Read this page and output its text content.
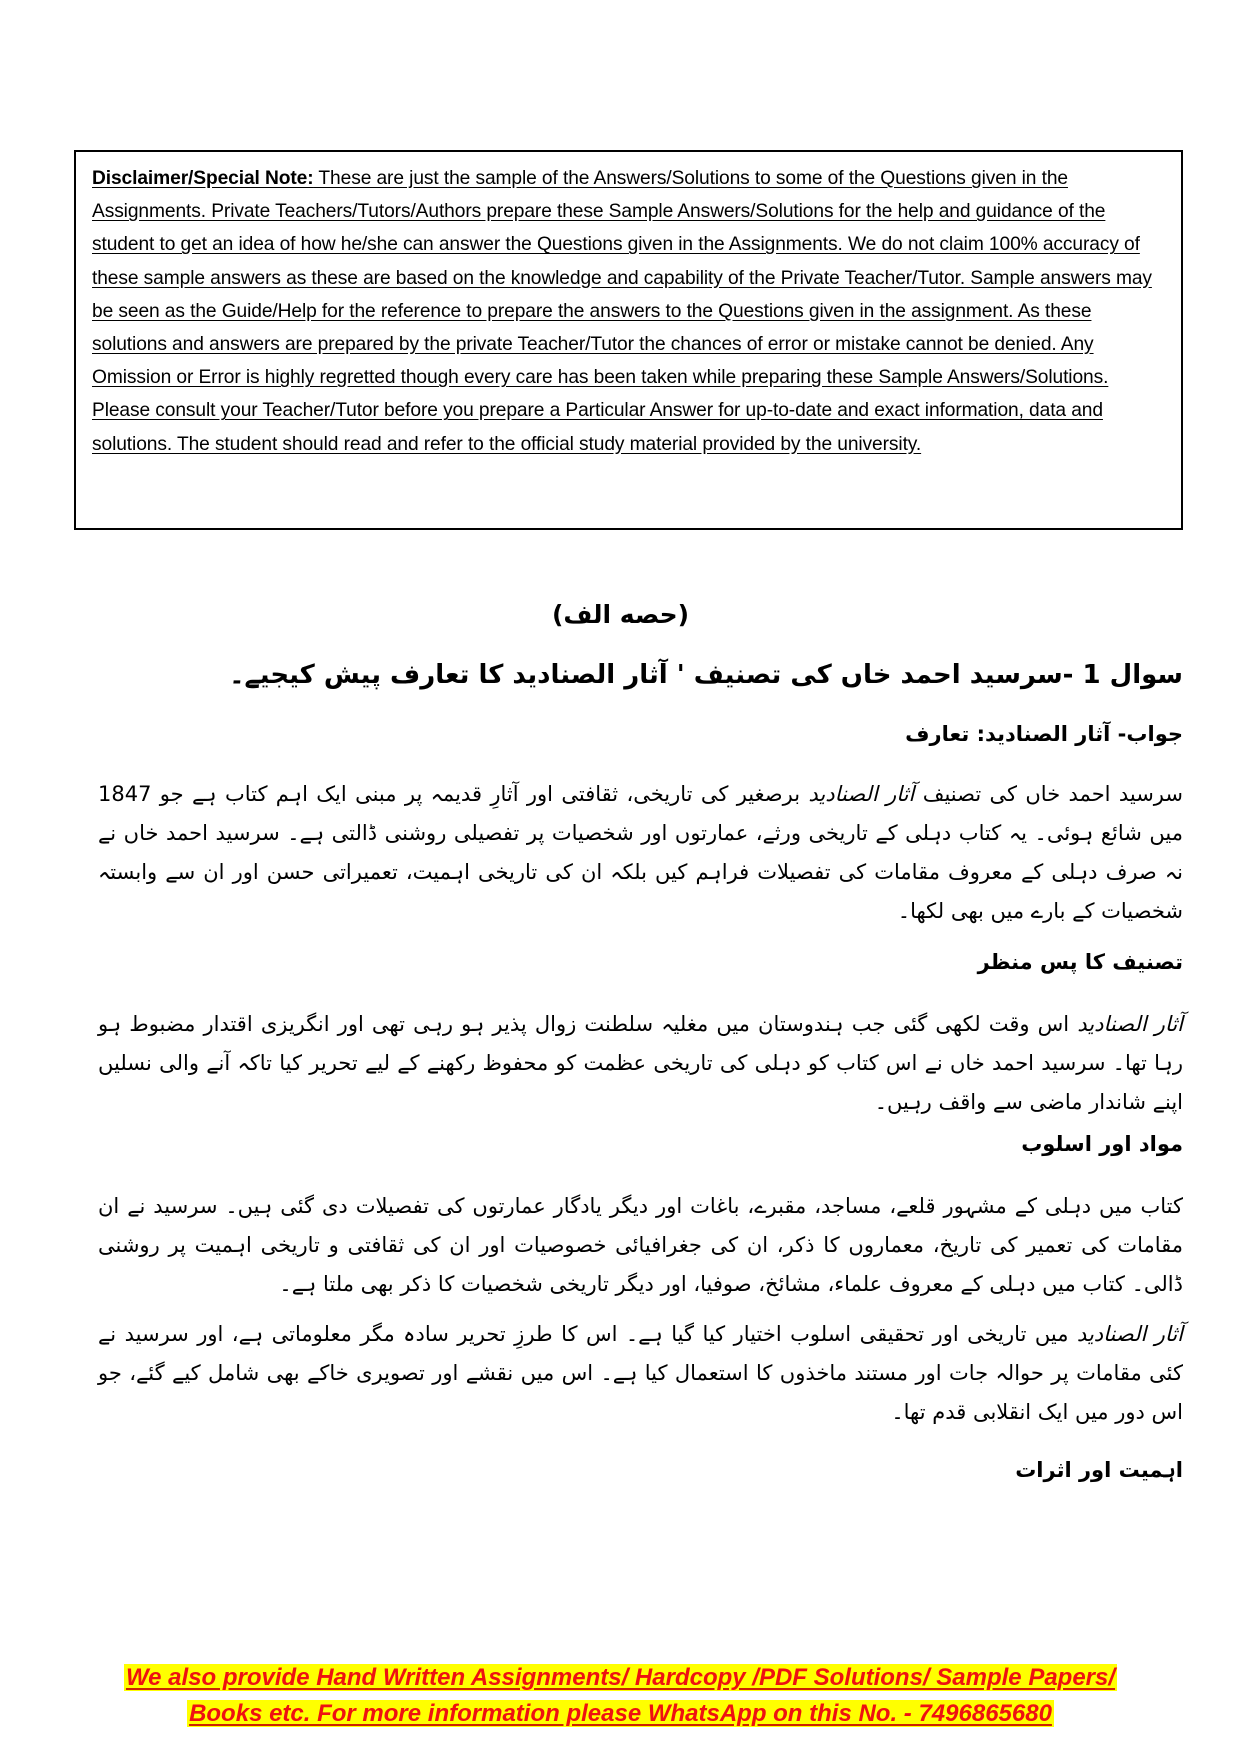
Disclaimer/Special Note: These are just the sample of the Answers/Solutions to some of the Questions given in the Assignments. Private Teachers/Tutors/Authors prepare these Sample Answers/Solutions for the help and guidance of the student to get an idea of how he/she can answer the Questions given in the Assignments. We do not claim 100% accuracy of these sample answers as these are based on the knowledge and capability of the Private Teacher/Tutor. Sample answers may be seen as the Guide/Help for the reference to prepare the answers to the Questions given in the assignment. As these solutions and answers are prepared by the private Teacher/Tutor the chances of error or mistake cannot be denied. Any Omission or Error is highly regretted though every care has been taken while preparing these Sample Answers/Solutions. Please consult your Teacher/Tutor before you prepare a Particular Answer for up-to-date and exact information, data and solutions. The student should read and refer to the official study material provided by the university.

(حصه الف)
سوال 1 -سرسید احمد خاں کی تصنیف ' آثار الصنادید کا تعارف پیش کیجیے۔
جواب- آثار الصنادید: تعارف

سرسید احمد خاں کی تصنیف آثار الصنادید برصغیر کی تاریخی، ثقافتی اور آثارِ قدیمہ پر مبنی ایک اہم کتاب ہے جو 1847 میں شائع ہوئی۔ یہ کتاب دہلی کے تاریخی ورثے، عمارتوں اور شخصیات پر تفصیلی روشنی ڈالتی ہے۔ سرسید احمد خاں نے نہ صرف دہلی کے معروف مقامات کی تفصیلات فراہم کیں بلکہ ان کی تاریخی اہمیت، تعمیراتی حسن اور ان سے وابستہ شخصیات کے بارے میں بھی لکھا۔

تصنیف کا پس منظر

آثار الصنادید اس وقت لکھی گئی جب ہندوستان میں مغلیہ سلطنت زوال پذیر ہو رہی تھی اور انگریزی اقتدار مضبوط ہو رہا تھا۔ سرسید احمد خاں نے اس کتاب کو دہلی کی تاریخی عظمت کو محفوظ رکھنے کے لیے تحریر کیا تاکہ آنے والی نسلیں اپنے شاندار ماضی سے واقف رہیں۔

مواد اور اسلوب

کتاب میں دہلی کے مشہور قلعے، مساجد، مقبرے، باغات اور دیگر یادگار عمارتوں کی تفصیلات دی گئی ہیں۔ سرسید نے ان مقامات کی تعمیر کی تاریخ، معماروں کا ذکر، ان کی جغرافیائی خصوصیات اور ان کی ثقافتی و تاریخی اہمیت پر روشنی ڈالی۔ کتاب میں دہلی کے معروف علماء، مشائخ، صوفیا، اور دیگر تاریخی شخصیات کا ذکر بھی ملتا ہے۔

آثار الصنادید میں تاریخی اور تحقیقی اسلوب اختیار کیا گیا ہے۔ اس کا طرزِ تحریر سادہ مگر معلوماتی ہے، اور سرسید نے کئی مقامات پر حوالہ جات اور مستند ماخذوں کا استعمال کیا ہے۔ اس میں نقشے اور تصویری خاکے بھی شامل کیے گئے، جو اس دور میں ایک انقلابی قدم تھا۔

اہمیت اور اثرات
We also provide Hand Written Assignments/ Hardcopy /PDF Solutions/ Sample Papers/
Books etc. For more information please WhatsApp on this No. - 7496865680
